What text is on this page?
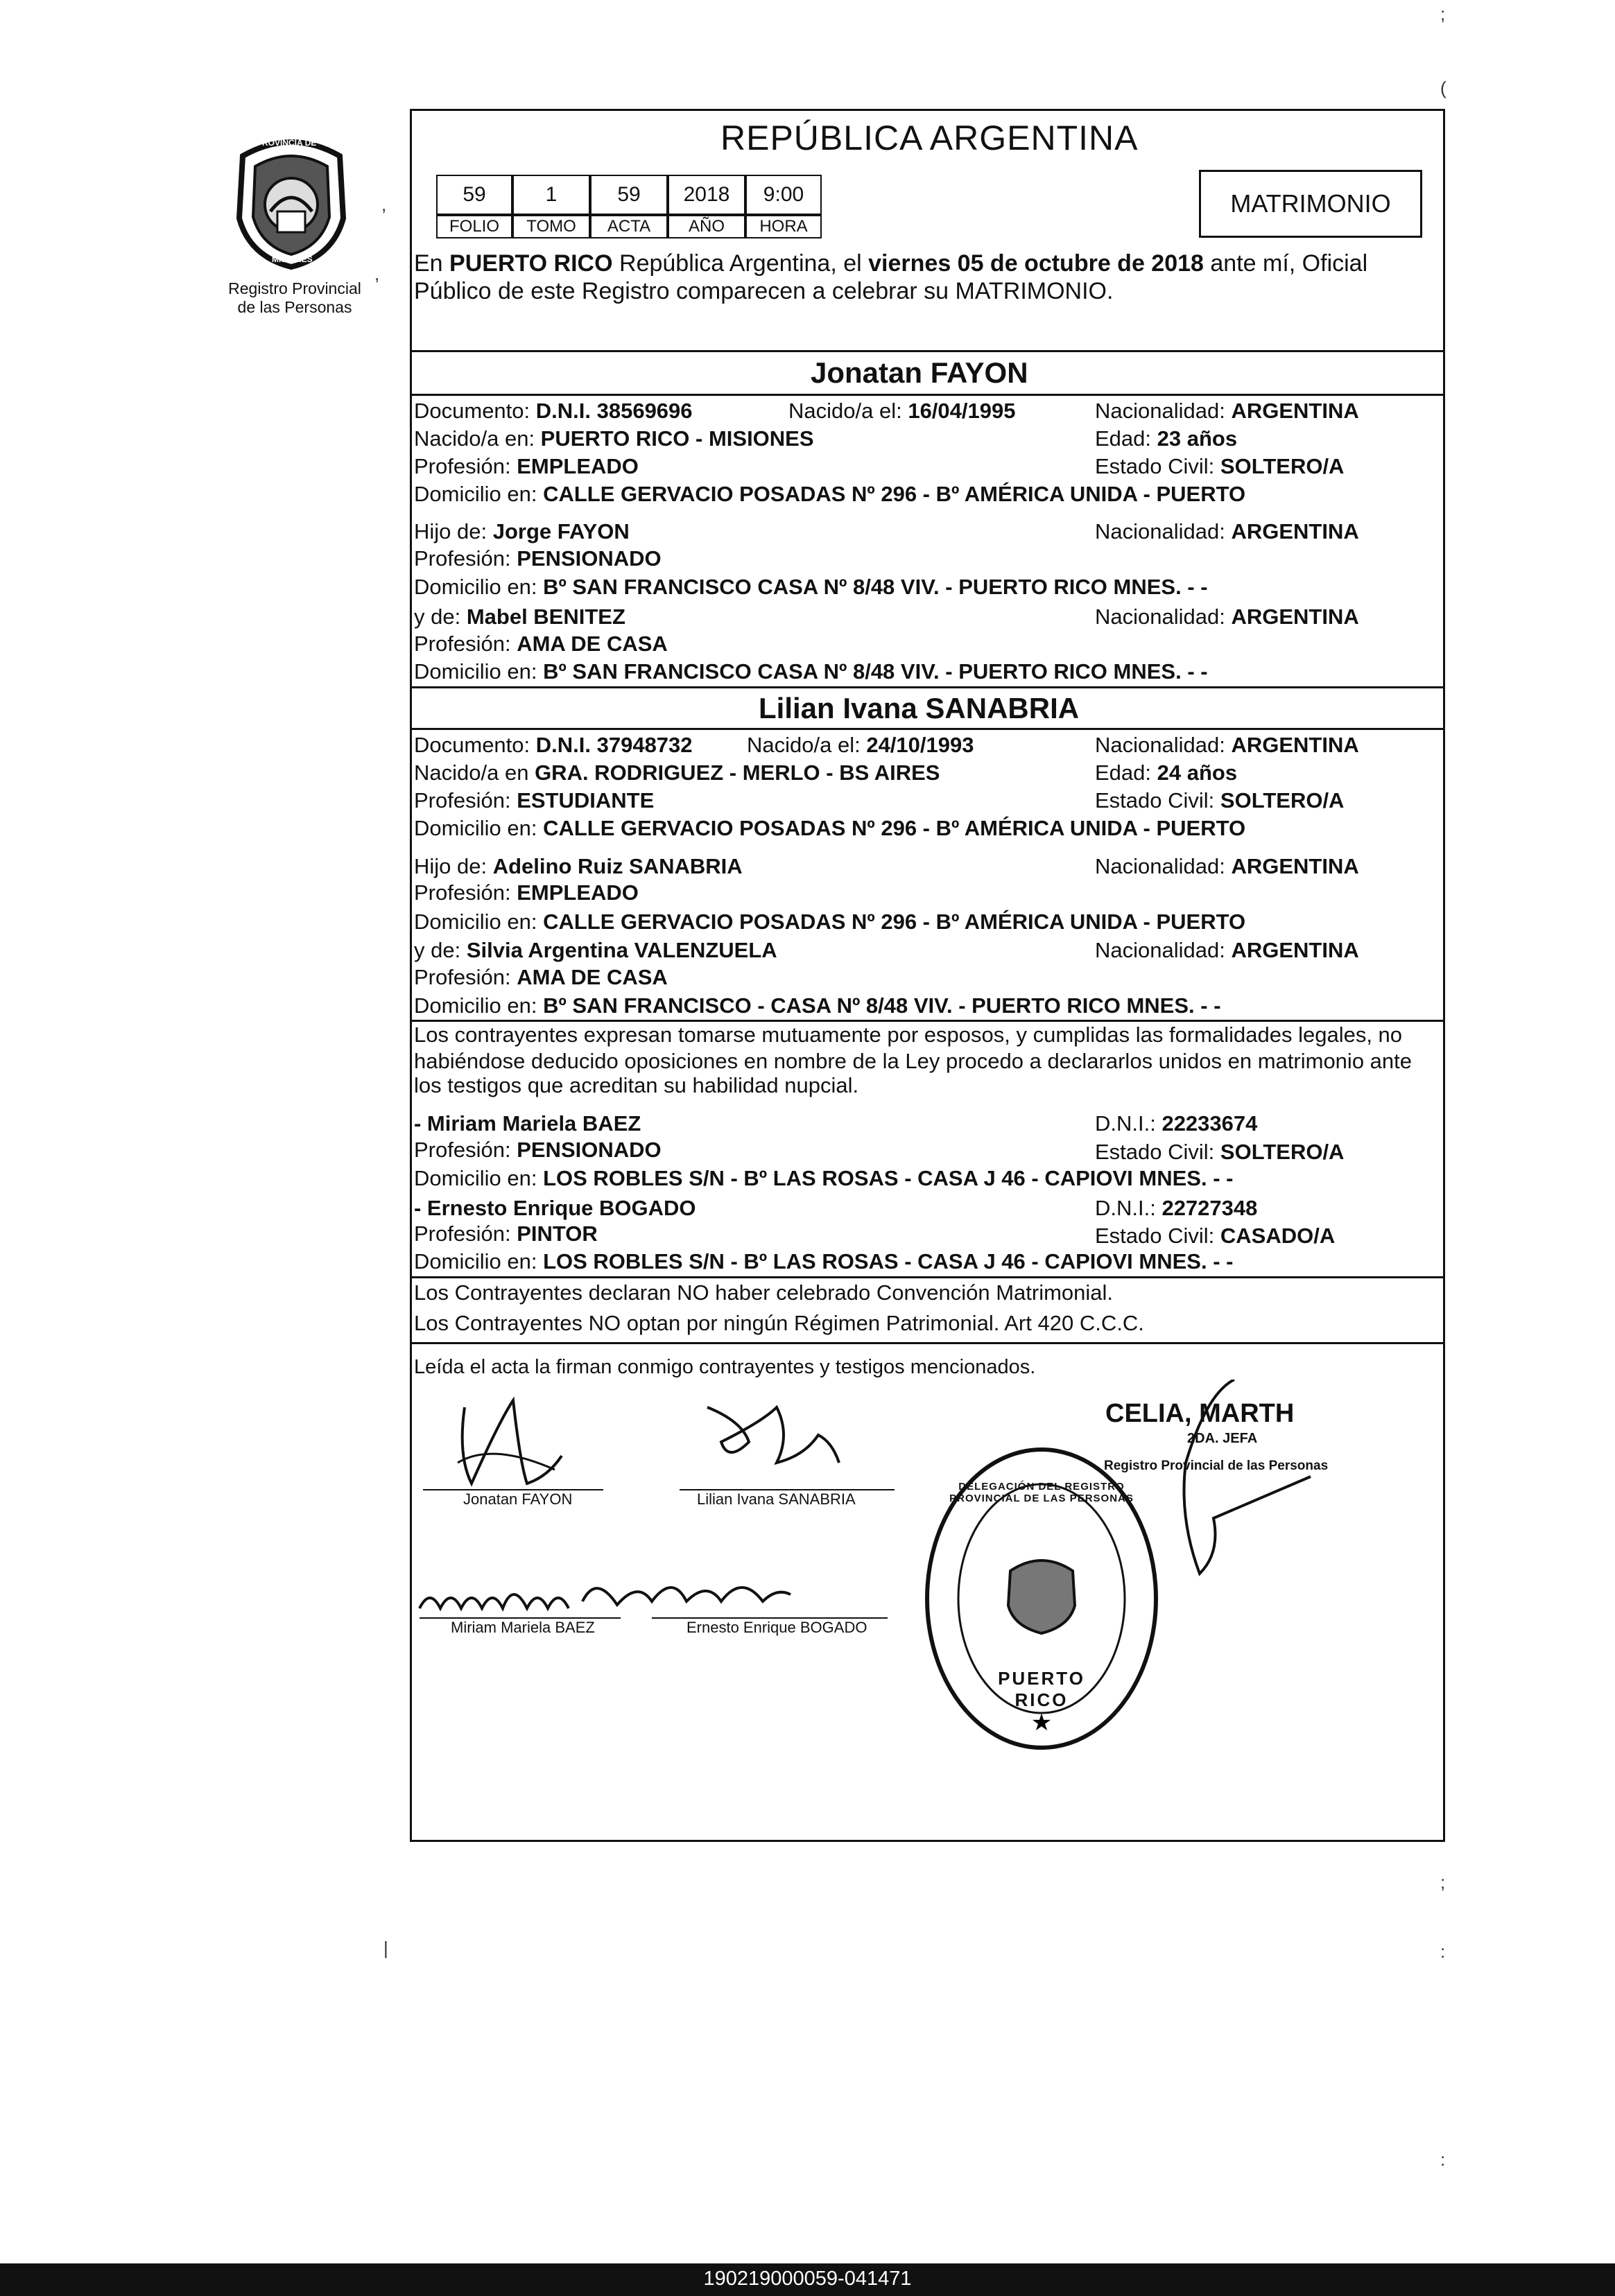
PROVINCIA DE
MISIONES
Registro Provincial
de las Personas
REPÚBLICA ARGENTINA
MATRIMONIO
59	1	59	2018	9:00
FOLIO	TOMO	ACTA	AÑO	HORA
En PUERTO RICO República Argentina, el viernes 05 de octubre de 2018 ante mí, Oficial
Público de este Registro comparecen a celebrar su MATRIMONIO.
Jonatan FAYON
Documento: D.N.I. 38569696	Nacido/a el: 16/04/1995	Nacionalidad: ARGENTINA
Nacido/a en: PUERTO RICO - MISIONES	Edad: 23 años
Profesión: EMPLEADO	Estado Civil: SOLTERO/A
Domicilio en: CALLE GERVACIO POSADAS Nº 296 - Bº AMÉRICA UNIDA - PUERTO
Hijo de: Jorge FAYON	Nacionalidad: ARGENTINA
Profesión: PENSIONADO
Domicilio en: Bº SAN FRANCISCO CASA Nº 8/48 VIV. - PUERTO RICO MNES. - -
y de: Mabel BENITEZ	Nacionalidad: ARGENTINA
Profesión: AMA DE CASA
Domicilio en: Bº SAN FRANCISCO CASA Nº 8/48 VIV. - PUERTO RICO MNES. - -
Lilian Ivana SANABRIA
Documento: D.N.I. 37948732	Nacido/a el: 24/10/1993	Nacionalidad: ARGENTINA
Nacido/a en GRA. RODRIGUEZ - MERLO - BS AIRES	Edad: 24 años
Profesión: ESTUDIANTE	Estado Civil: SOLTERO/A
Domicilio en: CALLE GERVACIO POSADAS Nº 296 - Bº AMÉRICA UNIDA - PUERTO
Hijo de: Adelino Ruiz SANABRIA	Nacionalidad: ARGENTINA
Profesión: EMPLEADO
Domicilio en: CALLE GERVACIO POSADAS Nº 296 - Bº AMÉRICA UNIDA - PUERTO
y de: Silvia Argentina VALENZUELA	Nacionalidad: ARGENTINA
Profesión: AMA DE CASA
Domicilio en: Bº SAN FRANCISCO - CASA Nº 8/48 VIV. - PUERTO RICO MNES. - -
Los contrayentes expresan tomarse mutuamente por esposos, y cumplidas las formalidades legales, no
habiéndose deducido oposiciones en nombre de la Ley procedo a declararlos unidos en matrimonio ante
los testigos que acreditan su habilidad nupcial.
- Miriam Mariela BAEZ	D.N.I.: 22233674
Profesión: PENSIONADO	Estado Civil: SOLTERO/A
Domicilio en: LOS ROBLES S/N - Bº LAS ROSAS - CASA J 46 - CAPIOVI MNES. - -
- Ernesto Enrique BOGADO	D.N.I.: 22727348
Profesión: PINTOR	Estado Civil: CASADO/A
Domicilio en: LOS ROBLES S/N - Bº LAS ROSAS - CASA J 46 - CAPIOVI MNES. - -
Los Contrayentes declaran NO haber celebrado Convención Matrimonial.
Los Contrayentes NO optan por ningún Régimen Patrimonial. Art 420 C.C.C.
Leída el acta la firman conmigo contrayentes y testigos mencionados.
Jonatan FAYON	Lilian Ivana SANABRIA
Miriam Mariela BAEZ	Ernesto Enrique BOGADO
CELIA, MARTH
2DA. JEFA
Registro Provincial de las Personas
★
DELEGACIÓN DEL REGISTRO PROVINCIAL DE LAS PERSONAS
PUERTO RICO
;
(
,
,
|
;
:
:
190219000059-041471
